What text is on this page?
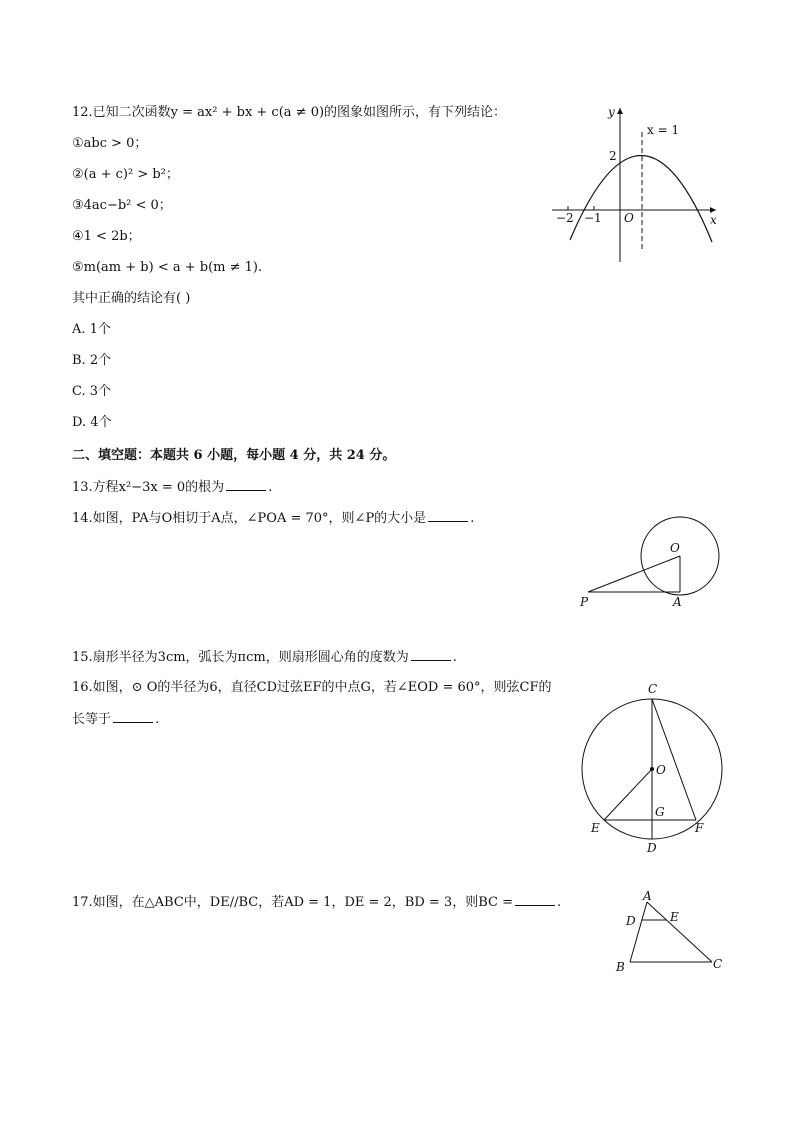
12.已知二次函数y = ax² + bx + c(a ≠ 0)的图象如图所示，有下列结论：
①abc > 0；
②(a + c)² > b²；
③4ac−b² < 0；
④1 < 2b；
⑤m(am + b) < a + b(m ≠ 1).
其中正确的结论有( )
A. 1个
B. 2个
C. 3个
D. 4个
y
x
x = 1
2
O
−2 −1
二、填空题：本题共 6 小题，每小题 4 分，共 24 分。
13.方程x²−3x = 0的根为	.
14.如图，PA与O相切于A点，∠POA = 70°，则∠P的大小是	.
O
P	A
15.扇形半径为3cm，弧长为πcm，则扇形圆心角的度数为	.
16.如图，⊙ O的半径为6，直径CD过弦EF的中点G，若∠EOD = 60°，则弦CF的
长等于	.
C
O
G
E	F
D
17.如图，在△ABC中，DE//BC，若AD = 1，DE = 2，BD = 3，则BC =	.	A
D	E
B	C
